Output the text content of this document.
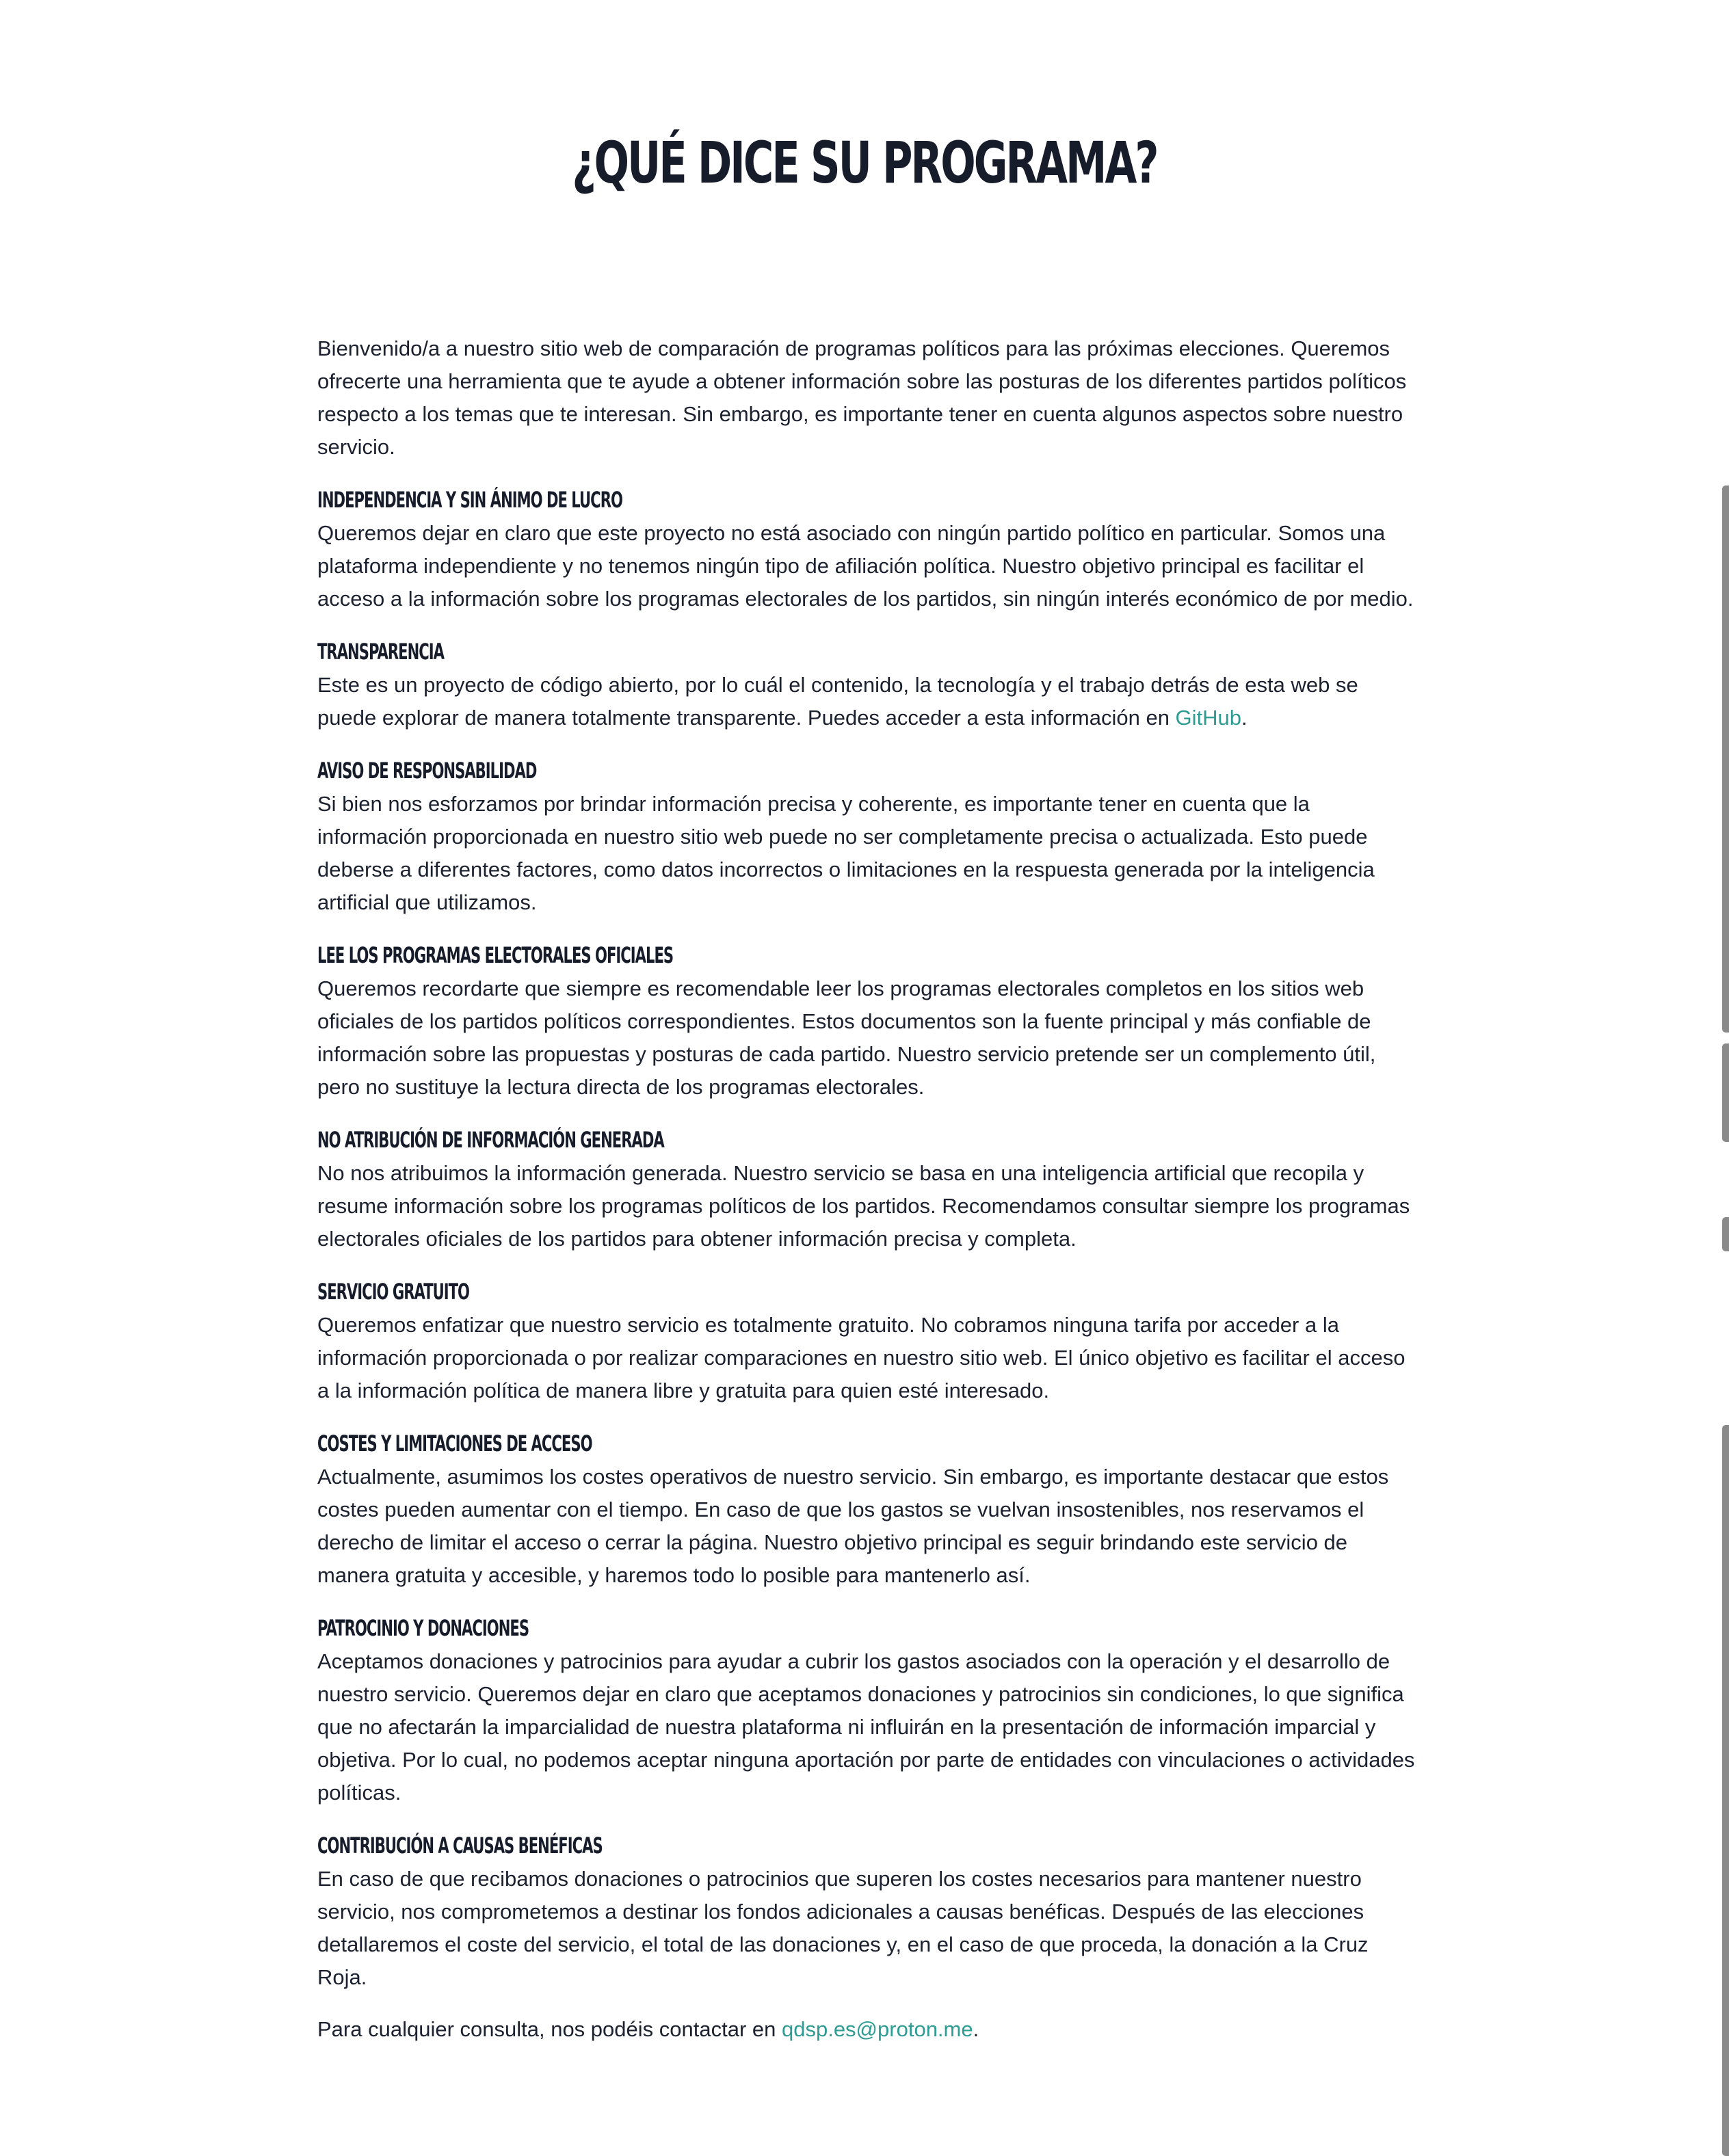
¿QUÉ DICE SU PROGRAMA?

Bienvenido/a a nuestro sitio web de comparación de programas políticos para las próximas elecciones. Queremos ofrecerte una herramienta que te ayude a obtener información sobre las posturas de los diferentes partidos políticos respecto a los temas que te interesan. Sin embargo, es importante tener en cuenta algunos aspectos sobre nuestro servicio.

INDEPENDENCIA Y SIN ÁNIMO DE LUCRO

Queremos dejar en claro que este proyecto no está asociado con ningún partido político en particular. Somos una plataforma independiente y no tenemos ningún tipo de afiliación política. Nuestro objetivo principal es facilitar el acceso a la información sobre los programas electorales de los partidos, sin ningún interés económico de por medio.

TRANSPARENCIA

Este es un proyecto de código abierto, por lo cuál el contenido, la tecnología y el trabajo detrás de esta web se puede explorar de manera totalmente transparente. Puedes acceder a esta información en GitHub.

AVISO DE RESPONSABILIDAD

Si bien nos esforzamos por brindar información precisa y coherente, es importante tener en cuenta que la información proporcionada en nuestro sitio web puede no ser completamente precisa o actualizada. Esto puede deberse a diferentes factores, como datos incorrectos o limitaciones en la respuesta generada por la inteligencia artificial que utilizamos.

LEE LOS PROGRAMAS ELECTORALES OFICIALES

Queremos recordarte que siempre es recomendable leer los programas electorales completos en los sitios web oficiales de los partidos políticos correspondientes. Estos documentos son la fuente principal y más confiable de información sobre las propuestas y posturas de cada partido. Nuestro servicio pretende ser un complemento útil, pero no sustituye la lectura directa de los programas electorales.

NO ATRIBUCIÓN DE INFORMACIÓN GENERADA

No nos atribuimos la información generada. Nuestro servicio se basa en una inteligencia artificial que recopila y resume información sobre los programas políticos de los partidos. Recomendamos consultar siempre los programas electorales oficiales de los partidos para obtener información precisa y completa.

SERVICIO GRATUITO

Queremos enfatizar que nuestro servicio es totalmente gratuito. No cobramos ninguna tarifa por acceder a la información proporcionada o por realizar comparaciones en nuestro sitio web. El único objetivo es facilitar el acceso a la información política de manera libre y gratuita para quien esté interesado.

COSTES Y LIMITACIONES DE ACCESO

Actualmente, asumimos los costes operativos de nuestro servicio. Sin embargo, es importante destacar que estos costes pueden aumentar con el tiempo. En caso de que los gastos se vuelvan insostenibles, nos reservamos el derecho de limitar el acceso o cerrar la página. Nuestro objetivo principal es seguir brindando este servicio de manera gratuita y accesible, y haremos todo lo posible para mantenerlo así.

PATROCINIO Y DONACIONES

Aceptamos donaciones y patrocinios para ayudar a cubrir los gastos asociados con la operación y el desarrollo de nuestro servicio. Queremos dejar en claro que aceptamos donaciones y patrocinios sin condiciones, lo que significa que no afectarán la imparcialidad de nuestra plataforma ni influirán en la presentación de información imparcial y objetiva. Por lo cual, no podemos aceptar ninguna aportación por parte de entidades con vinculaciones o actividades políticas.

CONTRIBUCIÓN A CAUSAS BENÉFICAS

En caso de que recibamos donaciones o patrocinios que superen los costes necesarios para mantener nuestro servicio, nos comprometemos a destinar los fondos adicionales a causas benéficas. Después de las elecciones detallaremos el coste del servicio, el total de las donaciones y, en el caso de que proceda, la donación a la Cruz Roja.

Para cualquier consulta, nos podéis contactar en qdsp.es@proton.me.
